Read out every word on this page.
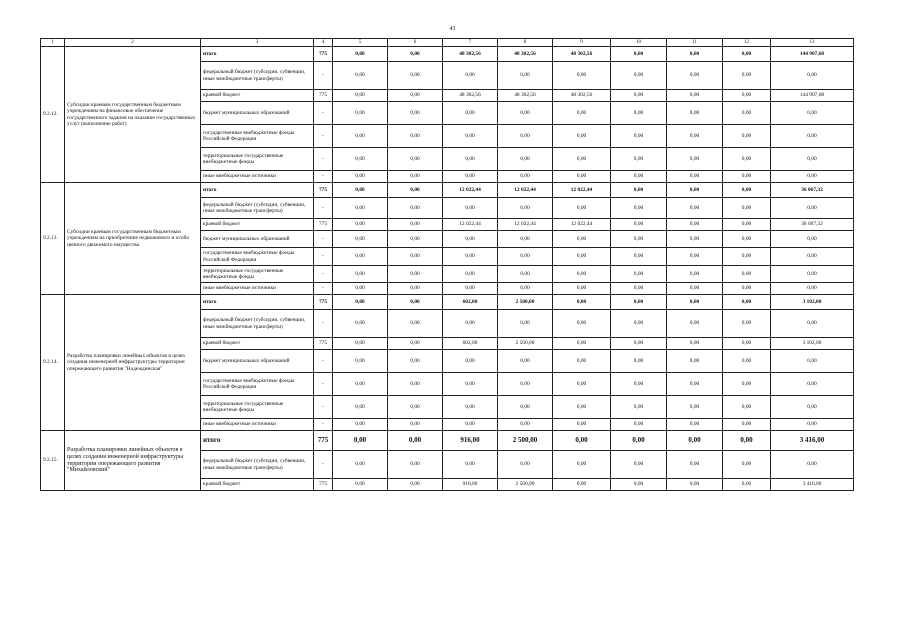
43
1	2	3	4	5	6	7	8	9	10	11	12	13
9.2.12.	Субсидии краевым государственным бюджетным учреждениям на финансовое обеспечение государственного задания на оказание государственных услуг (выполнение работ)	итого	775	0,00	0,00	48 302,56	48 302,56	48 302,56	0,00	0,00	0,00	144 907,68
		федеральный бюджет (субсидии, субвенции, иные межбюджетные трансферты)	-	0,00	0,00	0,00	0,00	0,00	0,00	0,00	0,00	0,00
		краевой бюджет	775	0,00	0,00	48 302,56	48 302,56	48 302,56	0,00	0,00	0,00	144 907,68
		бюджет муниципальных образований	-	0,00	0,00	0,00	0,00	0,00	0,00	0,00	0,00	0,00
		государственные внебюджетные фонды Российской Федерации	-	0,00	0,00	0,00	0,00	0,00	0,00	0,00	0,00	0,00
		территориальные государственные внебюджетные фонды	-	0,00	0,00	0,00	0,00	0,00	0,00	0,00	0,00	0,00
		иные внебюджетные источники	-	0,00	0,00	0,00	0,00	0,00	0,00	0,00	0,00	0,00
9.2.13.	Субсидии краевым государственным бюджетным учреждениям на приобретение недвижимого и особо ценного движимого имущества	итого	775	0,00	0,00	12 022,44	12 022,44	12 022,44	0,00	0,00	0,00	36 067,32
		федеральный бюджет (субсидии, субвенции, иные межбюджетные трансферты)	-	0,00	0,00	0,00	0,00	0,00	0,00	0,00	0,00	0,00
		краевой бюджет	775	0,00	0,00	12 022,44	12 022,44	12 022,44	0,00	0,00	0,00	36 067,32
		бюджет муниципальных образований	-	0,00	0,00	0,00	0,00	0,00	0,00	0,00	0,00	0,00
		государственные внебюджетные фонды Российской Федерации	-	0,00	0,00	0,00	0,00	0,00	0,00	0,00	0,00	0,00
		территориальные государственные внебюджетные фонды	-	0,00	0,00	0,00	0,00	0,00	0,00	0,00	0,00	0,00
		иные внебюджетные источники	-	0,00	0,00	0,00	0,00	0,00	0,00	0,00	0,00	0,00
9.2.14.	Разработка планировки линейных объектов в целях создания инженерной инфраструктуры территории опережающего развития "Надеждинская"	итого	775	0,00	0,00	602,00	2 500,00	0,00	0,00	0,00	0,00	3 102,00
		федеральный бюджет (субсидии, субвенции, иные межбюджетные трансферты)	-	0,00	0,00	0,00	0,00	0,00	0,00	0,00	0,00	0,00
		краевой бюджет	775	0,00	0,00	602,00	2 500,00	0,00	0,00	0,00	0,00	3 102,00
		бюджет муниципальных образований	-	0,00	0,00	0,00	0,00	0,00	0,00	0,00	0,00	0,00
		государственные внебюджетные фонды Российской Федерации	-	0,00	0,00	0,00	0,00	0,00	0,00	0,00	0,00	0,00
		территориальные государственные внебюджетные фонды	-	0,00	0,00	0,00	0,00	0,00	0,00	0,00	0,00	0,00
		иные внебюджетные источники	-	0,00	0,00	0,00	0,00	0,00	0,00	0,00	0,00	0,00
9.2.15.	Разработка планировки линейных объектов в целях создания инженерной инфраструктуры территории опережающего развития "Михайловский"	итого	775	0,00	0,00	916,00	2 500,00	0,00	0,00	0,00	0,00	3 416,00
		федеральный бюджет (субсидии, субвенции, иные межбюджетные трансферты)	-	0,00	0,00	0,00	0,00	0,00	0,00	0,00	0,00	0,00
		краевой бюджет	775	0,00	0,00	916,00	2 500,00	0,00	0,00	0,00	0,00	3 416,00
